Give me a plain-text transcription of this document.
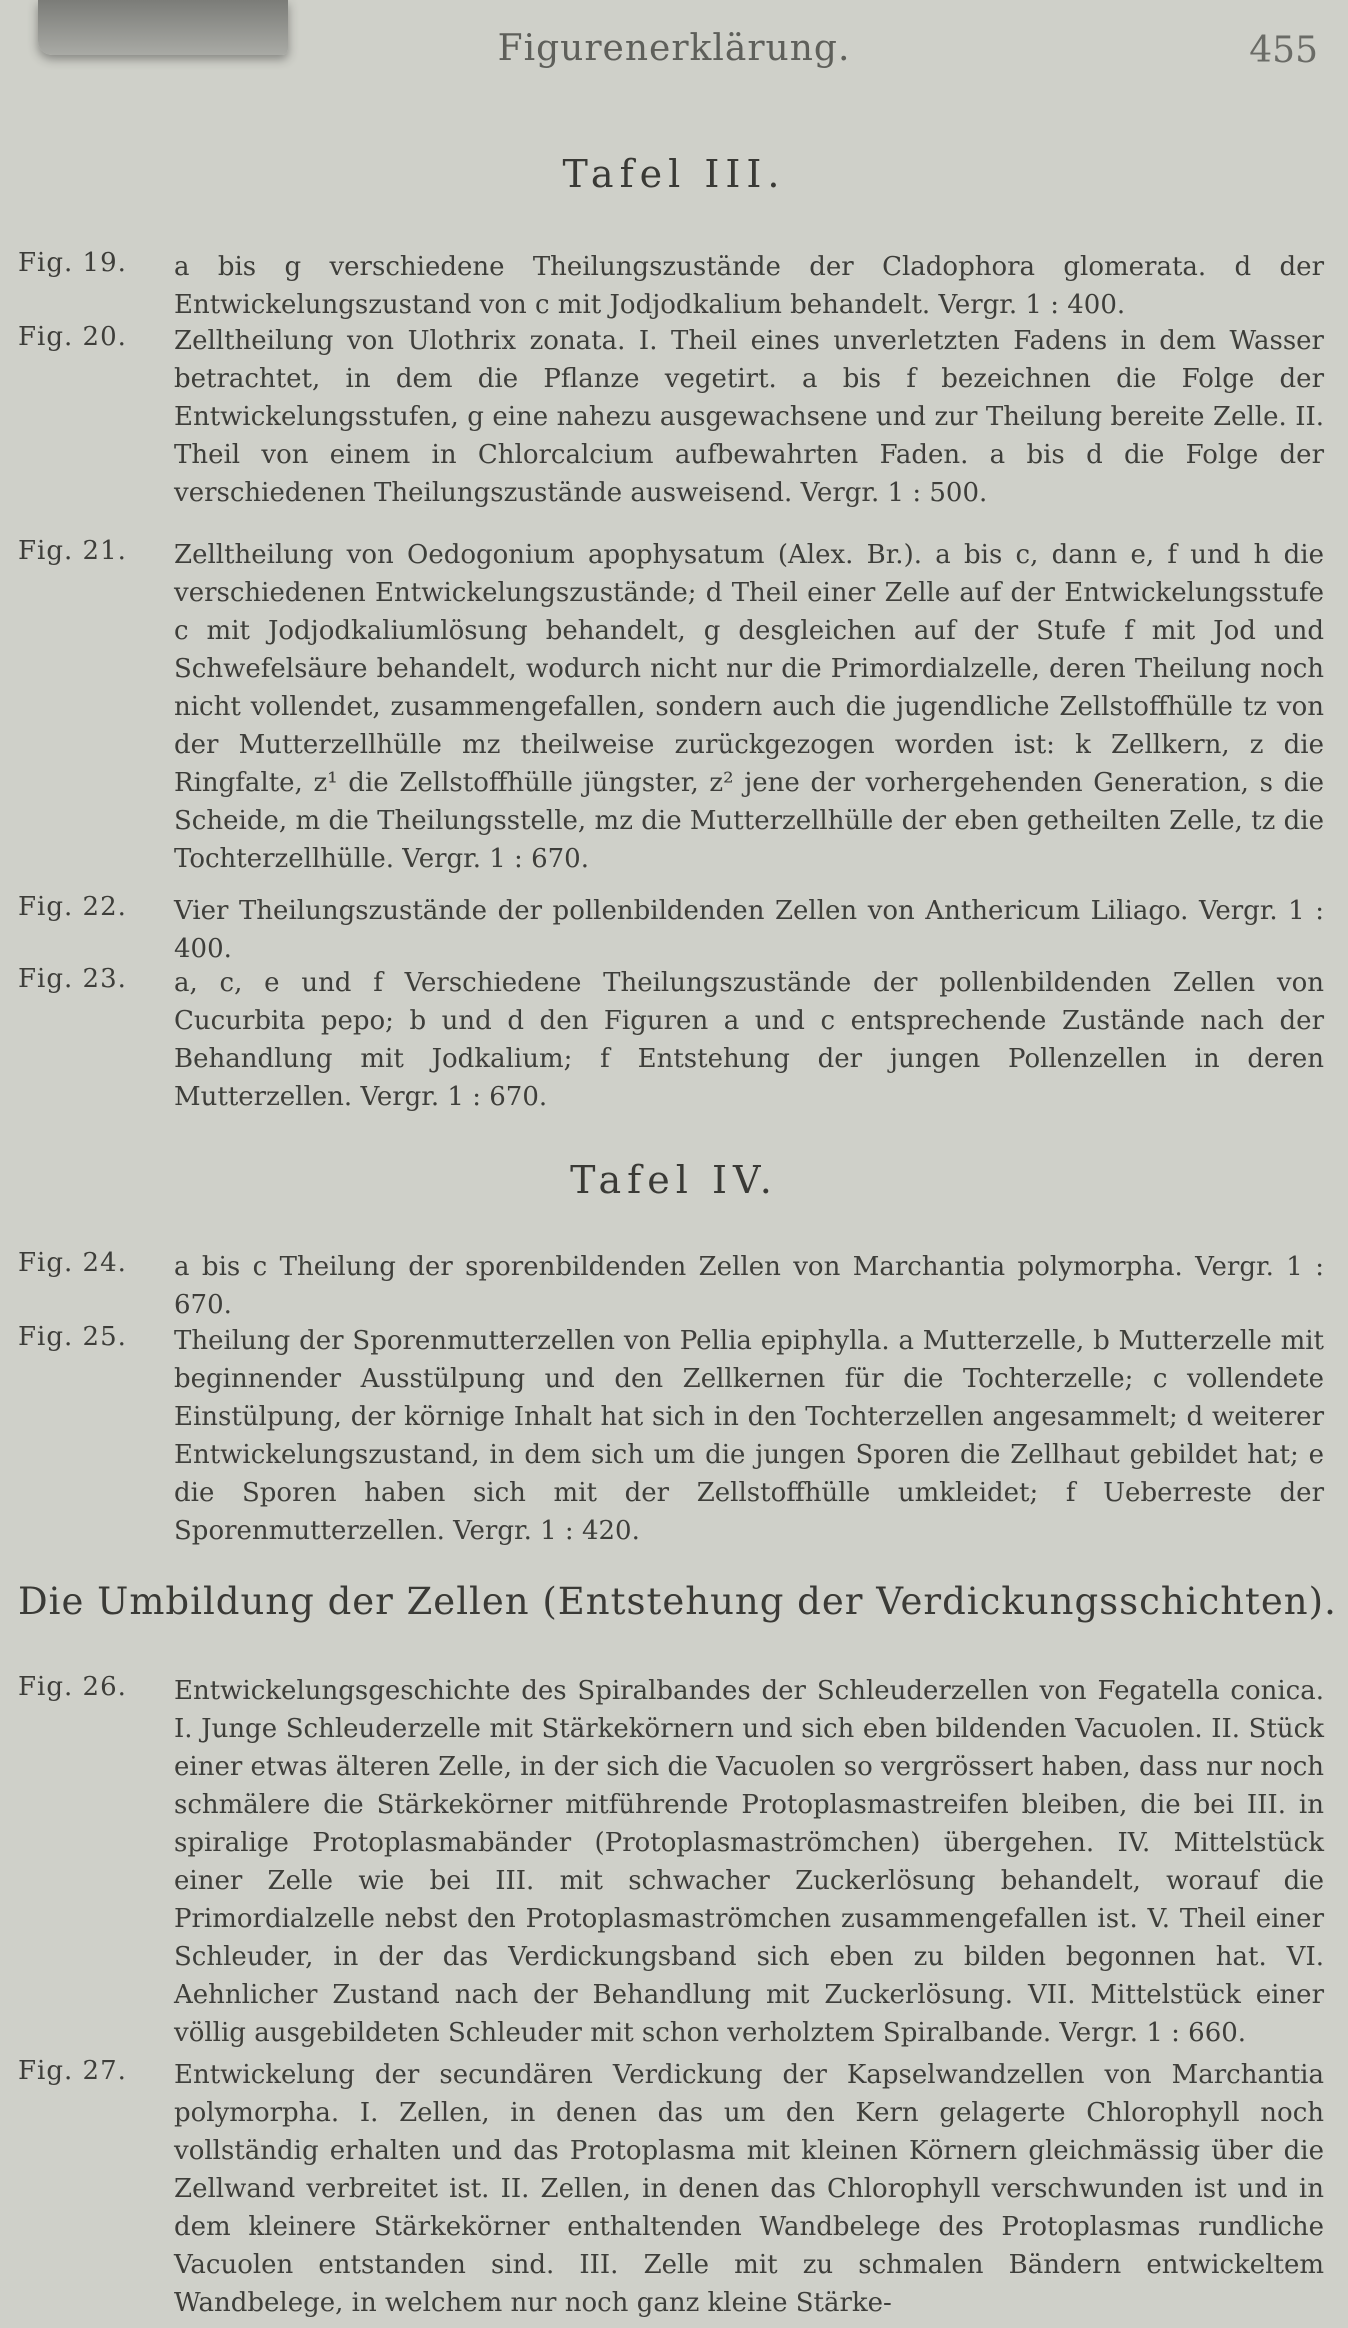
Figurenerklärung.	455
Tafel III.
Fig. 19. a bis g verschiedene Theilungszustände der Cladophora glomerata. d der Entwickelungszustand von c mit Jodjodkalium behandelt. Vergr. 1 : 400.
Fig. 20. Zelltheilung von Ulothrix zonata. I. Theil eines unverletzten Fadens in dem Wasser betrachtet, in dem die Pflanze vegetirt. a bis f bezeichnen die Folge der Entwickelungsstufen, g eine nahezu ausgewachsene und zur Theilung bereite Zelle. II. Theil von einem in Chlorcalcium aufbewahrten Faden. a bis d die Folge der verschiedenen Theilungszustände ausweisend. Vergr. 1 : 500.
Fig. 21. Zelltheilung von Oedogonium apophysatum (Alex. Br.). a bis c, dann e, f und h die verschiedenen Entwickelungszustände; d Theil einer Zelle auf der Entwickelungsstufe c mit Jodjodkaliumlösung behandelt, g desgleichen auf der Stufe f mit Jod und Schwefelsäure behandelt, wodurch nicht nur die Primordialzelle, deren Theilung noch nicht vollendet, zusammengefallen, sondern auch die jugendliche Zellstoffhülle tz von der Mutterzellhülle mz theilweise zurückgezogen worden ist: k Zellkern, z die Ringfalte, z¹ die Zellstoffhülle jüngster, z² jene der vorhergehenden Generation, s die Scheide, m die Theilungsstelle, mz die Mutterzellhülle der eben getheilten Zelle, tz die Tochterzellhülle. Vergr. 1 : 670.
Fig. 22. Vier Theilungszustände der pollenbildenden Zellen von Anthericum Liliago. Vergr. 1 : 400.
Fig. 23. a, c, e und f Verschiedene Theilungszustände der pollenbildenden Zellen von Cucurbita pepo; b und d den Figuren a und c entsprechende Zustände nach der Behandlung mit Jodkalium; f Entstehung der jungen Pollenzellen in deren Mutterzellen. Vergr. 1 : 670.
Tafel IV.
Fig. 24. a bis c Theilung der sporenbildenden Zellen von Marchantia polymorpha. Vergr. 1 : 670.
Fig. 25. Theilung der Sporenmutterzellen von Pellia epiphylla. a Mutterzelle, b Mutterzelle mit beginnender Ausstülpung und den Zellkernen für die Tochterzelle; c vollendete Einstülpung, der körnige Inhalt hat sich in den Tochterzellen angesammelt; d weiterer Entwickelungszustand, in dem sich um die jungen Sporen die Zellhaut gebildet hat; e die Sporen haben sich mit der Zellstoffhülle umkleidet; f Ueberreste der Sporenmutterzellen. Vergr. 1 : 420.
Die Umbildung der Zellen (Entstehung der Verdickungsschichten).
Fig. 26. Entwickelungsgeschichte des Spiralbandes der Schleuderzellen von Fegatella conica. I. Junge Schleuderzelle mit Stärkekörnern und sich eben bildenden Vacuolen. II. Stück einer etwas älteren Zelle, in der sich die Vacuolen so vergrössert haben, dass nur noch schmälere die Stärkekörner mitführende Protoplasmastreifen bleiben, die bei III. in spiralige Protoplasmabänder (Protoplasmaströmchen) übergehen. IV. Mittelstück einer Zelle wie bei III. mit schwacher Zuckerlösung behandelt, worauf die Primordialzelle nebst den Protoplasmaströmchen zusammengefallen ist. V. Theil einer Schleuder, in der das Verdickungsband sich eben zu bilden begonnen hat. VI. Aehnlicher Zustand nach der Behandlung mit Zuckerlösung. VII. Mittelstück einer völlig ausgebildeten Schleuder mit schon verholztem Spiralbande. Vergr. 1 : 660.
Fig. 27. Entwickelung der secundären Verdickung der Kapselwandzellen von Marchantia polymorpha. I. Zellen, in denen das um den Kern gelagerte Chlorophyll noch vollständig erhalten und das Protoplasma mit kleinen Körnern gleichmässig über die Zellwand verbreitet ist. II. Zellen, in denen das Chlorophyll verschwunden ist und in dem kleinere Stärkekörner enthaltenden Wandbelege des Protoplasmas rundliche Vacuolen entstanden sind. III. Zelle mit zu schmalen Bändern entwickeltem Wandbelege, in welchem nur noch ganz kleine Stärke-
